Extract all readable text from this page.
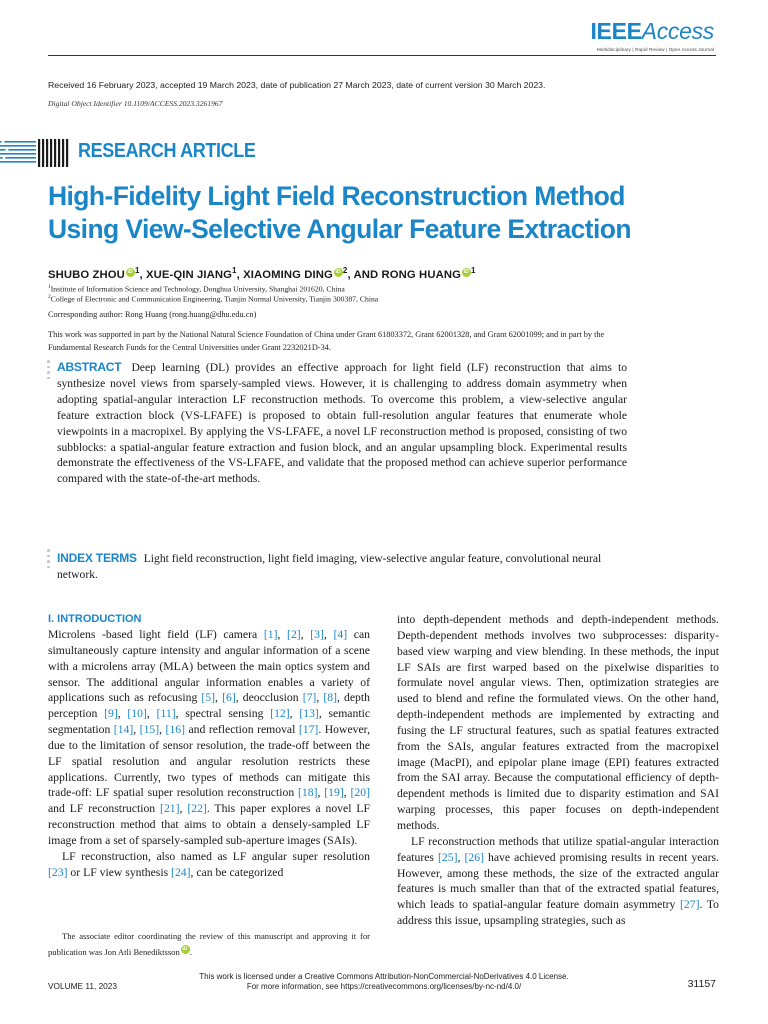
IEEEAccess
Multidisciplinary | Rapid Review | Open Access Journal
Received 16 February 2023, accepted 19 March 2023, date of publication 27 March 2023, date of current version 30 March 2023.
Digital Object Identifier 10.1109/ACCESS.2023.3261967
RESEARCH ARTICLE
High-Fidelity Light Field Reconstruction Method
Using View-Selective Angular Feature Extraction
SHUBO ZHOU iD $^1$, XUE-QIN JIANG$^1$, XIAOMING DING iD $^2$, AND RONG HUANG iD $^1$
$^1$Institute of Information Science and Technology, Donghua University, Shanghai 201620, China
$^2$College of Electronic and Communication Engineering, Tianjin Normal University, Tianjin 300387, China
Corresponding author: Rong Huang (rong.huang@dhu.edu.cn)
This work was supported in part by the National Natural Science Foundation of China under Grant 61803372, Grant 62001328, and Grant 62001099; and in part by the Fundamental Research Funds for the Central Universities under Grant 2232021D-34.
ABSTRACT Deep learning (DL) provides an effective approach for light field (LF) reconstruction that aims to synthesize novel views from sparsely-sampled views. However, it is challenging to address domain asymmetry when adopting spatial-angular interaction LF reconstruction methods. To overcome this problem, a view-selective angular feature extraction block (VS-LFAFE) is proposed to obtain full-resolution angular features that enumerate whole viewpoints in a macropixel. By applying the VS-LFAFE, a novel LF reconstruction method is proposed, consisting of two subblocks: a spatial-angular feature extraction and fusion block, and an angular upsampling block. Experimental results demonstrate the effectiveness of the VS-LFAFE, and validate that the proposed method can achieve superior performance compared with the state-of-the-art methods.
INDEX TERMS Light field reconstruction, light field imaging, view-selective angular feature, convolutional neural network.
I. INTRODUCTION

Microlens -based light field (LF) camera [1], [2], [3], [4] can simultaneously capture intensity and angular information of a scene with a microlens array (MLA) between the main optics system and sensor. The additional angular information enables a variety of applications such as refocusing [5], [6], deocclusion [7], [8], depth perception [9], [10], [11], spectral sensing [12], [13], semantic segmentation [14], [15], [16] and reflection removal [17]. However, due to the limitation of sensor resolution, the trade-off between the LF spatial resolution and angular resolution restricts these applications. Currently, two types of methods can mitigate this trade-off: LF spatial super resolution reconstruction [18], [19], [20] and LF reconstruction [21], [22]. This paper explores a novel LF reconstruction method that aims to obtain a densely-sampled LF image from a set of sparsely-sampled sub-aperture images (SAIs).

LF reconstruction, also named as LF angular super resolution [23] or LF view synthesis [24], can be categorized

into depth-dependent methods and depth-independent methods. Depth-dependent methods involves two subprocesses: disparity-based view warping and view blending. In these methods, the input LF SAIs are first warped based on the pixelwise disparities to formulate novel angular views. Then, optimization strategies are used to blend and refine the formulated views. On the other hand, depth-independent methods are implemented by extracting and fusing the LF structural features, such as spatial features extracted from the SAIs, angular features extracted from the macropixel image (MacPI), and epipolar plane image (EPI) features extracted from the SAI array. Because the computational efficiency of depth-dependent methods is limited due to disparity estimation and SAI warping processes, this paper focuses on depth-independent methods.

LF reconstruction methods that utilize spatial-angular interaction features [25], [26] have achieved promising results in recent years. However, among these methods, the size of the extracted angular features is much smaller than that of the extracted spatial features, which leads to spatial-angular feature domain asymmetry [27]. To address this issue, upsampling strategies, such as

The associate editor coordinating the review of this manuscript and approving it for publication was Jon Atli Benediktsson iD .
This work is licensed under a Creative Commons Attribution-NonCommercial-NoDerivatives 4.0 License.
For more information, see https://creativecommons.org/licenses/by-nc-nd/4.0/
VOLUME 11, 2023	31157
